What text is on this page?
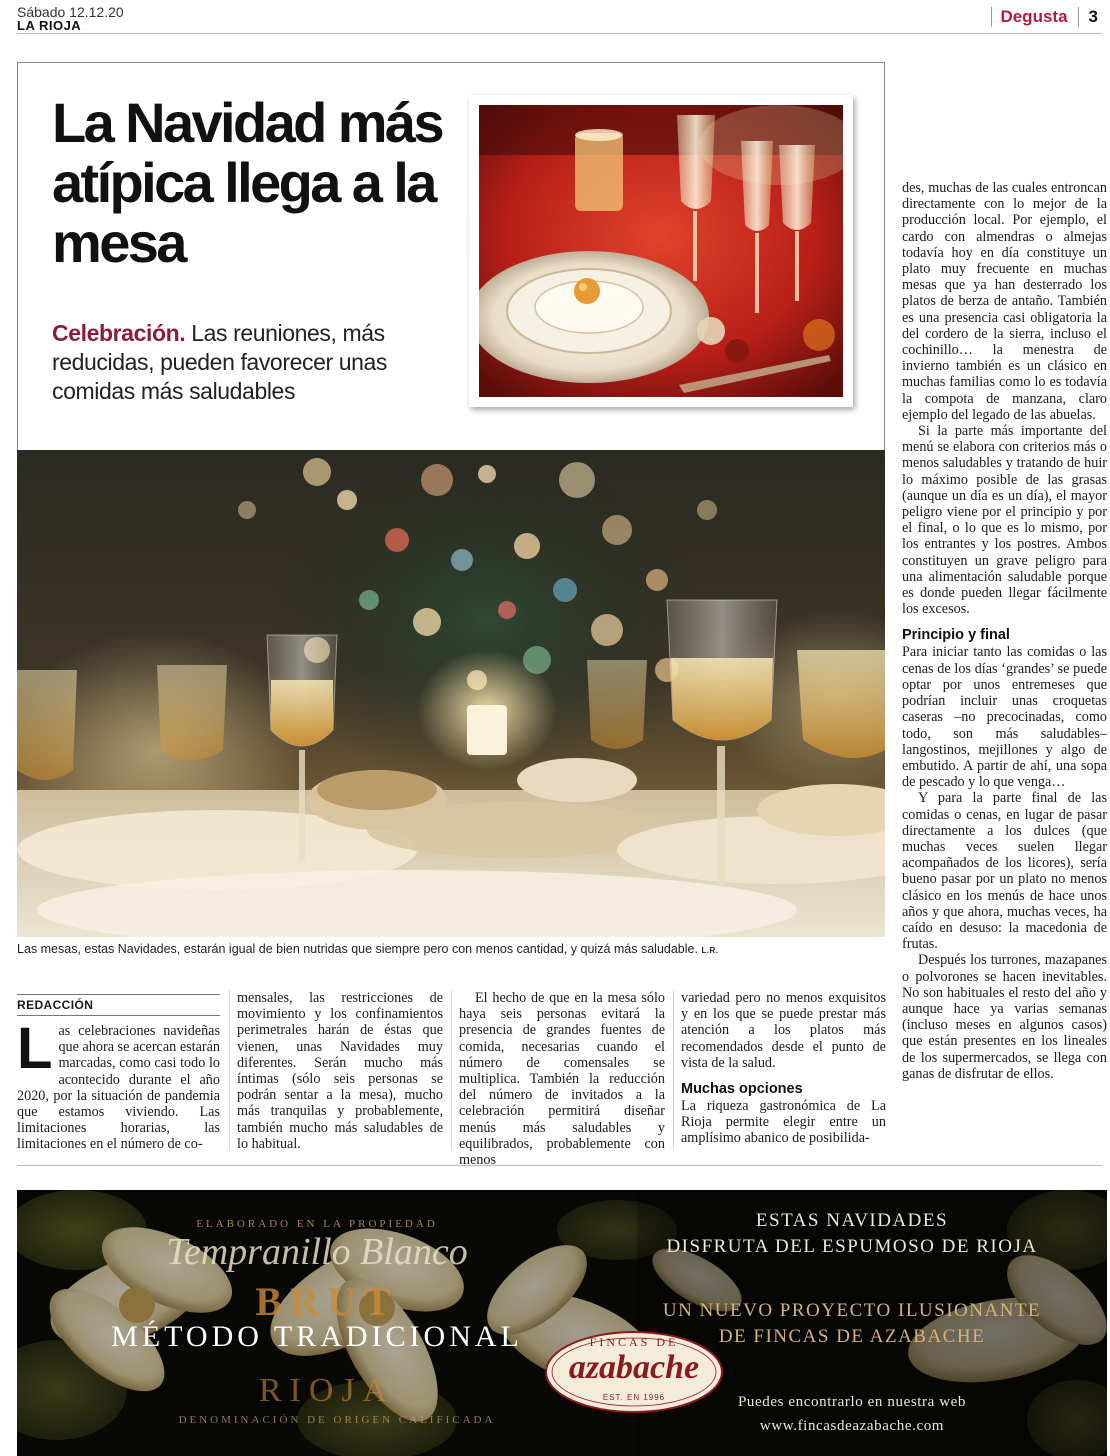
Sábado 12.12.20
LA RIOJA	Degusta	3
La Navidad más atípica llega a la mesa
Celebración. Las reuniones, más reducidas, pueden favorecer unas comidas más saludables
Las mesas, estas Navidades, estarán igual de bien nutridas que siempre pero con menos cantidad, y quizá más saludable. L.R.
REDACCIÓN

Las celebraciones navideñas que ahora se acercan estarán marcadas, como casi todo lo acontecido durante el año 2020, por la situación de pandemia que estamos viviendo. Las limitaciones horarias, las limitaciones en el número de co-

mensales, las restricciones de movimiento y los confinamientos perimetrales harán de éstas que vienen, unas Navidades muy diferentes. Serán mucho más íntimas (sólo seis personas se podrán sentar a la mesa), mucho más tranquilas y probablemente, también mucho más saludables de lo habitual.

El hecho de que en la mesa sólo haya seis personas evitará la presencia de grandes fuentes de comida, necesarias cuando el número de comensales se multiplica. También la reducción del número de invitados a la celebración permitirá diseñar menús más saludables y equilibrados, probablemente con menos

variedad pero no menos exquisitos y en los que se puede prestar más atención a los platos más recomendados desde el punto de vista de la salud.

Muchas opciones

La riqueza gastronómica de La Rioja permite elegir entre un amplísimo abanico de posibilida-

des, muchas de las cuales entroncan directamente con lo mejor de la producción local. Por ejemplo, el cardo con almendras o almejas todavía hoy en día constituye un plato muy frecuente en muchas mesas que ya han desterrado los platos de berza de antaño. También es una presencia casi obligatoria la del cordero de la sierra, incluso el cochinillo… la menestra de invierno también es un clásico en muchas familias como lo es todavía la compota de manzana, claro ejemplo del legado de las abuelas.

Si la parte más importante del menú se elabora con criterios más o menos saludables y tratando de huir lo máximo posible de las grasas (aunque un día es un día), el mayor peligro viene por el principio y por el final, o lo que es lo mismo, por los entrantes y los postres. Ambos constituyen un grave peligro para una alimentación saludable porque es donde pueden llegar fácilmente los excesos.

Principio y final

Para iniciar tanto las comidas o las cenas de los días ‘grandes’ se puede optar por unos entremeses que podrían incluir unas croquetas caseras –no precocinadas, como todo, son más saludables– langostinos, mejillones y algo de embutido. A partir de ahí, una sopa de pescado y lo que venga…

Y para la parte final de las comidas o cenas, en lugar de pasar directamente a los dulces (que muchas veces suelen llegar acompañados de los licores), sería bueno pasar por un plato no menos clásico en los menús de hace unos años y que ahora, muchas veces, ha caído en desuso: la macedonia de frutas.

Después los turrones, mazapanes o polvorones se hacen inevitables. No son habituales el resto del año y aunque hace ya varias semanas (incluso meses en algunos casos) que están presentes en los lineales de los supermercados, se llega con ganas de disfrutar de ellos.

ELABORADO EN LA PROPIEDAD
Tempranillo Blanco
BRUT
MÉTODO TRADICIONAL
RIOJA
DENOMINACIÓN DE ORIGEN CALIFICADA
FINCAS DE
azabache
EST. EN 1996
ESTAS NAVIDADES
DISFRUTA DEL ESPUMOSO DE RIOJA
UN NUEVO PROYECTO ILUSIONANTE
DE FINCAS DE AZABACHE
Puedes encontrarlo en nuestra web
www.fincasdeazabache.com
